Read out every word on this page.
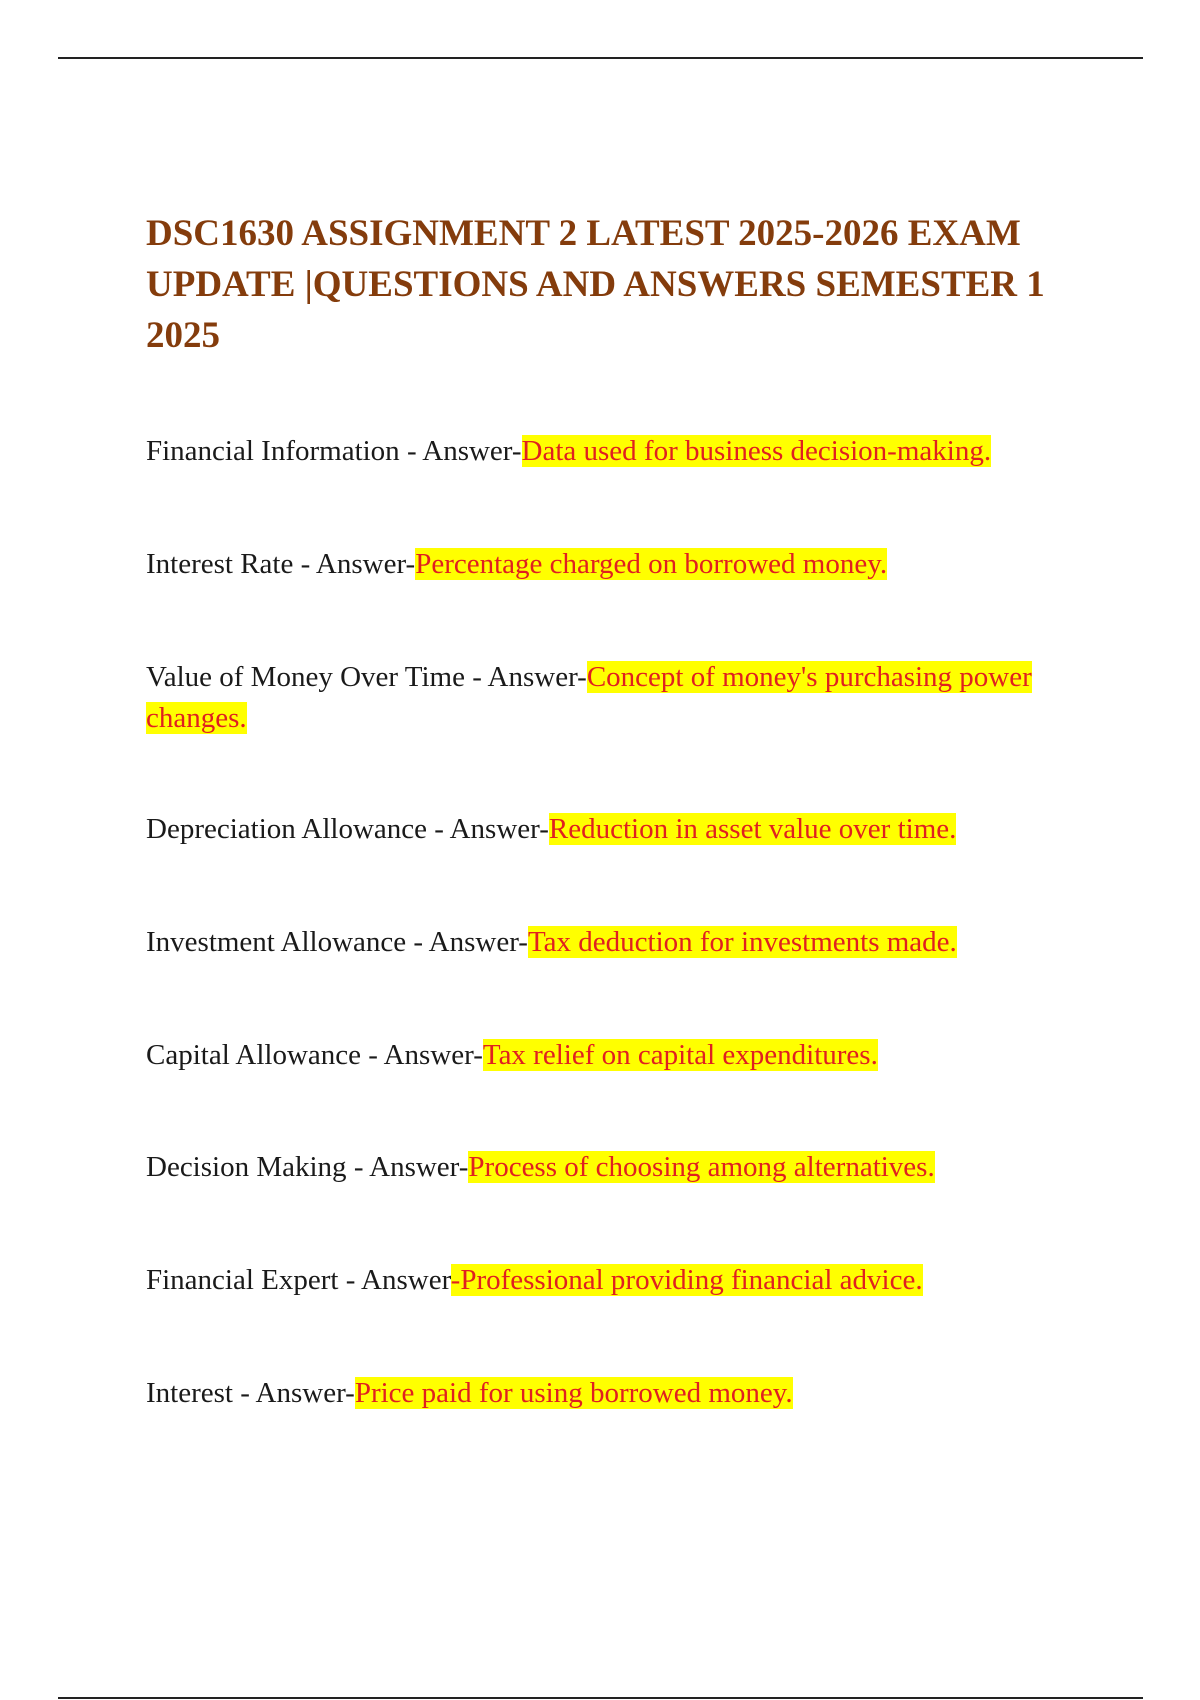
DSC1630 ASSIGNMENT 2 LATEST 2025-2026 EXAM UPDATE |QUESTIONS AND ANSWERS SEMESTER 1 2025
Financial Information - Answer-Data used for business decision-making.
Interest Rate - Answer-Percentage charged on borrowed money.
Value of Money Over Time - Answer-Concept of money's purchasing power changes.
Depreciation Allowance - Answer-Reduction in asset value over time.
Investment Allowance - Answer-Tax deduction for investments made.
Capital Allowance - Answer-Tax relief on capital expenditures.
Decision Making - Answer-Process of choosing among alternatives.
Financial Expert - Answer-Professional providing financial advice.
Interest - Answer-Price paid for using borrowed money.
